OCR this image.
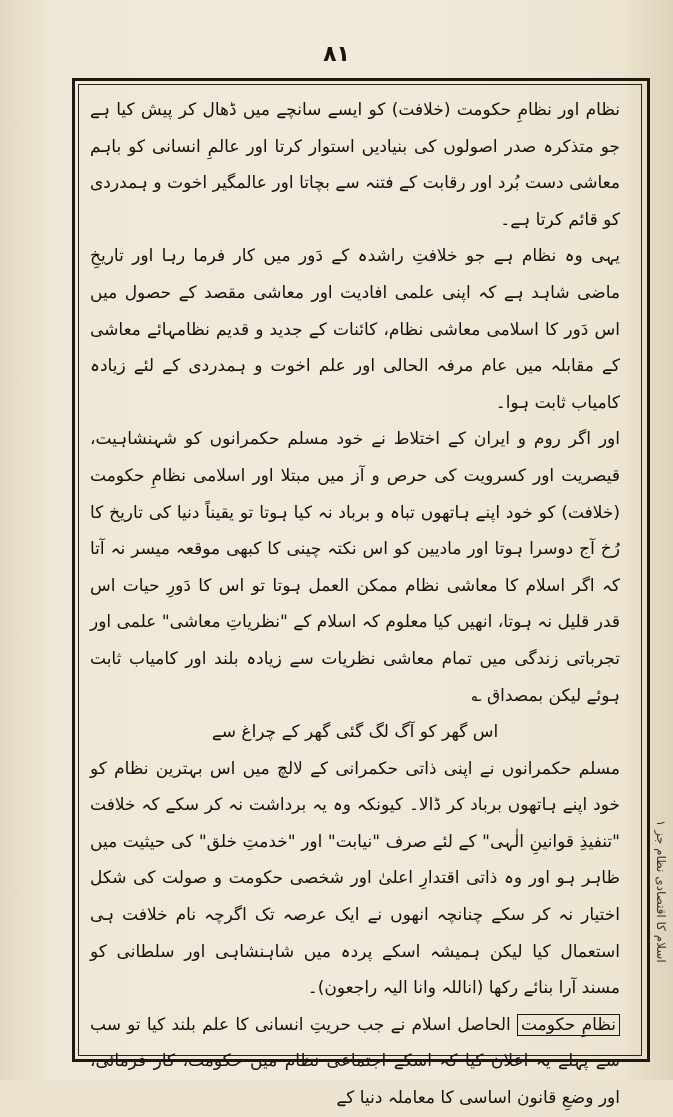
۸۱

نظام اور نظامِ حکومت (خلافت) کو ایسے سانچے میں ڈھال کر پیش کیا ہے جو متذکرہ صدر اصولوں کی بنیادیں استوار کرتا اور عالمِ انسانی کو باہم معاشی دست بُرد اور رقابت کے فتنہ سے بچاتا اور عالمگیر اخوت و ہمدردی کو قائم کرتا ہے۔

یہی وہ نظام ہے جو خلافتِ راشدہ کے دَور میں کار فرما رہا اور تاریخِ ماضی شاہد ہے کہ اپنی علمی افادیت اور معاشی مقصد کے حصول میں اس دَور کا اسلامی معاشی نظام، کائنات کے جدید و قدیم نظامہائے معاشی کے مقابلہ میں عام مرفہ الحالی اور علم اخوت و ہمدردی کے لئے زیادہ کامیاب ثابت ہوا۔

اور اگر روم و ایران کے اختلاط نے خود مسلم حکمرانوں کو شہنشاہیت، قیصریت اور کسرویت کی حرص و آز میں مبتلا اور اسلامی نظامِ حکومت (خلافت) کو خود اپنے ہاتھوں تباہ و برباد نہ کیا ہوتا تو یقیناً دنیا کی تاریخ کا رُخ آج دوسرا ہوتا اور مادیین کو اس نکتہ چینی کا کبھی موقعہ میسر نہ آتا کہ اگر اسلام کا معاشی نظام ممکن العمل ہوتا تو اس کا دَورِ حیات اس قدر قلیل نہ ہوتا، انھیں کیا معلوم کہ اسلام کے "نظریاتِ معاشی" علمی اور تجرباتی زندگی میں تمام معاشی نظریات سے زیادہ بلند اور کامیاب ثابت ہوئے لیکن بمصداق ؎

اس گھر کو آگ لگ گئی گھر کے چراغ سے

مسلم حکمرانوں نے اپنی ذاتی حکمرانی کے لالچ میں اس بہترین نظام کو خود اپنے ہاتھوں برباد کر ڈالا۔ کیونکہ وہ یہ برداشت نہ کر سکے کہ خلافت "تنفیذِ قوانینِ الٰہی" کے لئے صرف "نیابت" اور "خدمتِ خلق" کی حیثیت میں ظاہر ہو اور وہ ذاتی اقتدارِ اعلیٰ اور شخصی حکومت و صولت کی شکل اختیار نہ کر سکے چنانچہ انھوں نے ایک عرصہ تک اگرچہ نام خلافت ہی استعمال کیا لیکن ہمیشہ اسکے پردہ میں شاہنشاہی اور سلطانی کو مسند آرا بنائے رکھا (اناللہ وانا الیہ راجعون)۔

نظامِ حکومت الحاصل اسلام نے جب حریتِ انسانی کا علم بلند کیا تو سب سے پہلے یہ اعلان کیا کہ اسکے اجتماعی نظام میں حکومت، کار فرمائی، اور وضعِ قانون اساسی کا معاملہ دنیا کے

اسلام کا اقتصادی نظام جز ۱
